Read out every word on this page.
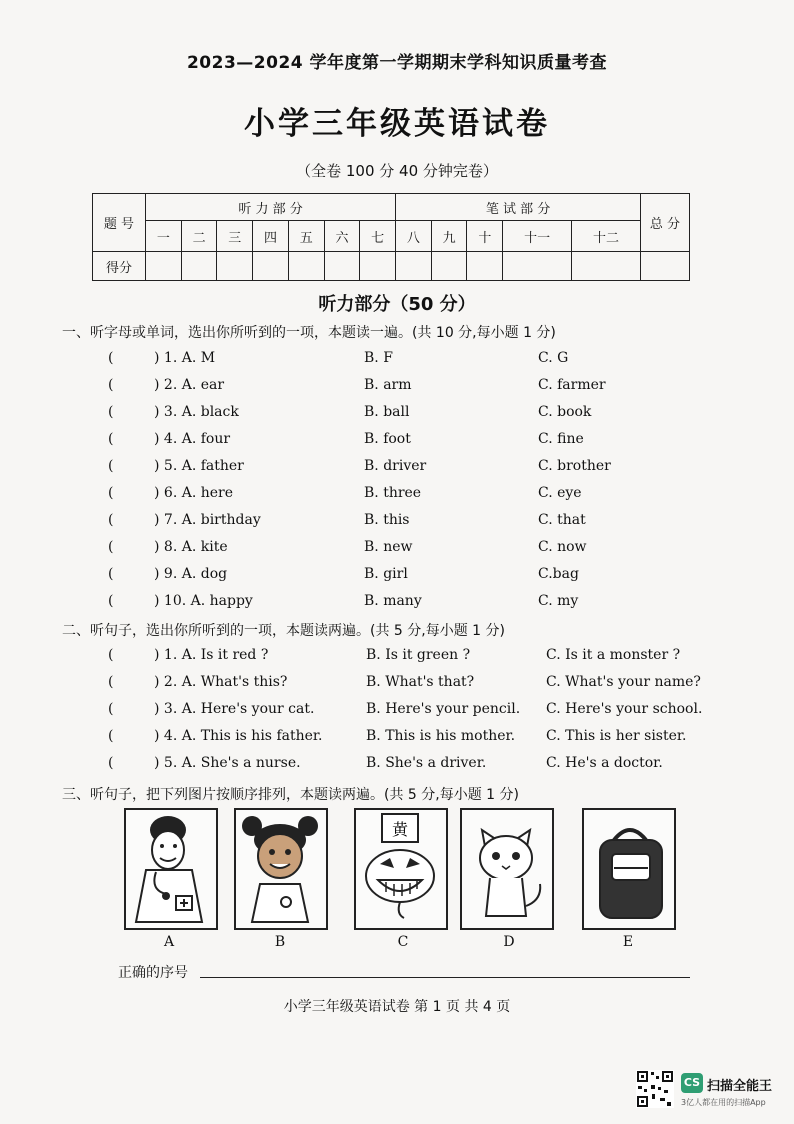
2023—2024 学年度第一学期期末学科知识质量考查
小学三年级英语试卷
（全卷 100 分 40 分钟完卷）
题 号	听 力 部 分							笔 试 部 分					总 分
	一	二	三	四	五	六	七	八	九	十	十一	十二	
得分													
听力部分（50 分）
一、听字母或单词，选出你所听到的一项，本题读一遍。(共 10 分,每小题 1 分)
(	) 1. A. M	B. F	C. G
(	) 2. A. ear	B. arm	C. farmer
(	) 3. A. black	B. ball	C. book
(	) 4. A. four	B. foot	C. fine
(	) 5. A. father	B. driver	C. brother
(	) 6. A. here	B. three	C. eye
(	) 7. A. birthday	B. this	C. that
(	) 8. A. kite	B. new	C. now
(	) 9. A. dog	B. girl	C.bag
(	) 10. A. happy	B. many	C. my
二、听句子，选出你所听到的一项，本题读两遍。(共 5 分,每小题 1 分)
(	) 1. A. Is it red ?	B. Is it green ?	C. Is it a monster ?
(	) 2. A. What's this?	B. What's that?	C. What's your name?
(	) 3. A. Here's your cat.	B. Here's your pencil. C. Here's your school.
(	) 4. A. This is his father.	B. This is his mother. C. This is her sister.
(	) 5. A. She's a nurse.	B. She's a driver.	C. He's a doctor.
三、听句子，把下列图片按顺序排列，本题读两遍。(共 5 分,每小题 1 分)
黄
A	B	C	D	E
正确的序号
小学三年级英语试卷 第 1 页 共 4 页
CS 扫描全能王
3亿人都在用的扫描App
